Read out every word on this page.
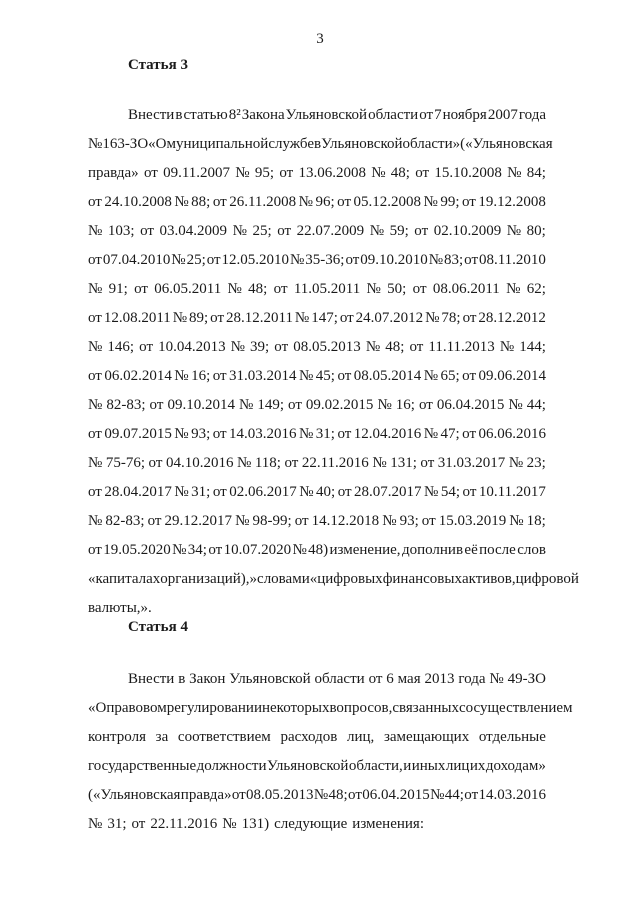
3
Статья 3
Внести в статью 8² Закона Ульяновской области от 7 ноября 2007 года
№ 163-ЗО «О муниципальной службе в Ульяновской области» («Ульяновская
правда» от 09.11.2007 № 95; от 13.06.2008 № 48; от 15.10.2008 № 84;
от 24.10.2008 № 88; от 26.11.2008 № 96; от 05.12.2008 № 99; от 19.12.2008
№ 103; от 03.04.2009 № 25; от 22.07.2009 № 59; от 02.10.2009 № 80;
от 07.04.2010 № 25; от 12.05.2010 № 35-36; от 09.10.2010 № 83; от 08.11.2010
№ 91; от 06.05.2011 № 48; от 11.05.2011 № 50; от 08.06.2011 № 62;
от 12.08.2011 № 89; от 28.12.2011 № 147; от 24.07.2012 № 78; от 28.12.2012
№ 146; от 10.04.2013 № 39; от 08.05.2013 № 48; от 11.11.2013 № 144;
от 06.02.2014 № 16; от 31.03.2014 № 45; от 08.05.2014 № 65; от 09.06.2014
№ 82-83; от 09.10.2014 № 149; от 09.02.2015 № 16; от 06.04.2015 № 44;
от 09.07.2015 № 93; от 14.03.2016 № 31; от 12.04.2016 № 47; от 06.06.2016
№ 75-76; от 04.10.2016 № 118; от 22.11.2016 № 131; от 31.03.2017 № 23;
от 28.04.2017 № 31; от 02.06.2017 № 40; от 28.07.2017 № 54; от 10.11.2017
№ 82-83; от 29.12.2017 № 98-99; от 14.12.2018 № 93; от 15.03.2019 № 18;
от 19.05.2020 № 34; от 10.07.2020 № 48) изменение, дополнив её после слов
«капиталах организаций),» словами «цифровых финансовых активов, цифровой
валюты,».
Статья 4
Внести в Закон Ульяновской области от 6 мая 2013 года № 49-ЗО
«О правовом регулировании некоторых вопросов, связанных с осуществлением
контроля за соответствием расходов лиц, замещающих отдельные
государственные должности Ульяновской области, и иных лиц их доходам»
(«Ульяновская правда» от 08.05.2013 № 48; от 06.04.2015 № 44; от 14.03.2016
№ 31; от 22.11.2016 № 131) следующие изменения:
